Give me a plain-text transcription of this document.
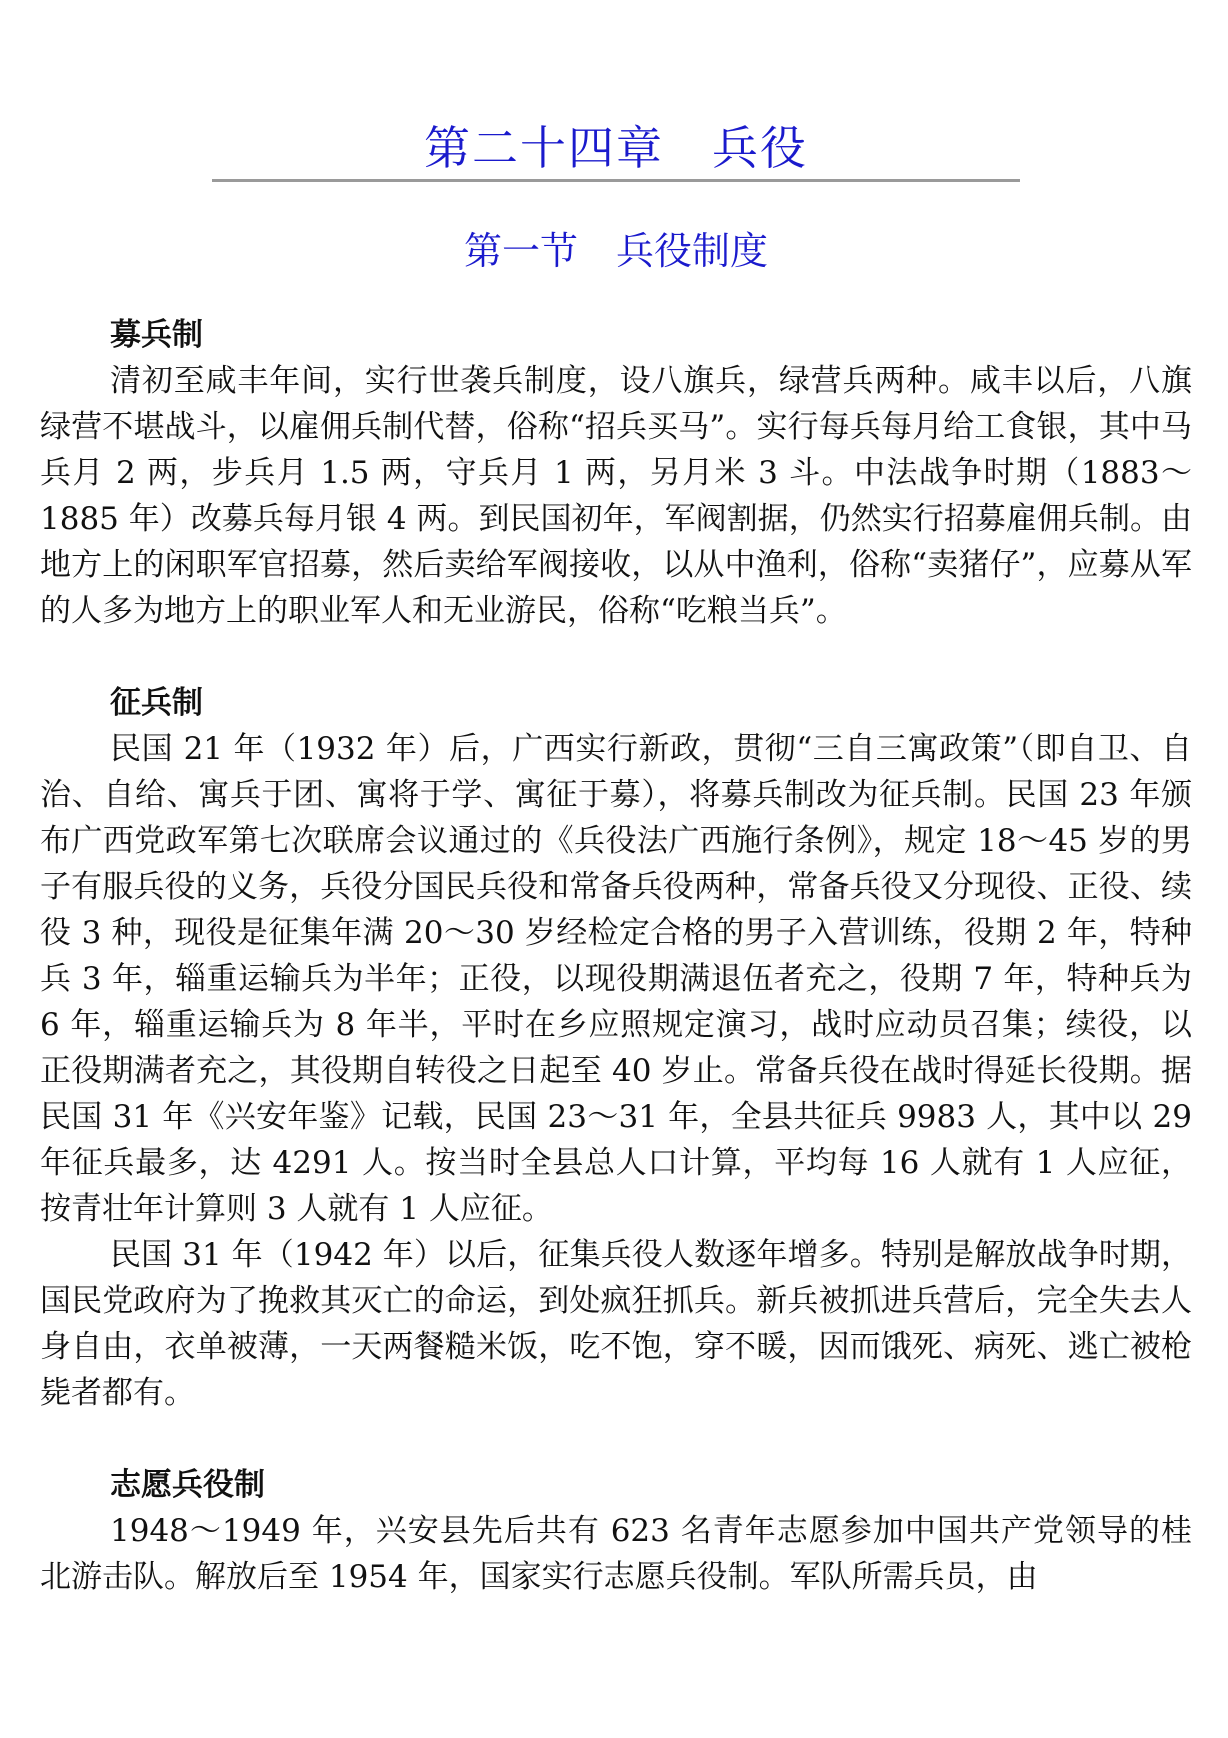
第二十四章　兵役
第一节　兵役制度
募兵制

清初至咸丰年间，实行世袭兵制度，设八旗兵，绿营兵两种。咸丰以后，八旗绿营不堪战斗，以雇佣兵制代替，俗称“招兵买马”。实行每兵每月给工食银，其中马兵月 2 两，步兵月 1.5 两，守兵月 1 两，另月米 3 斗。中法战争时期（1883～1885 年）改募兵每月银 4 两。到民国初年，军阀割据，仍然实行招募雇佣兵制。由地方上的闲职军官招募，然后卖给军阀接收，以从中渔利，俗称“卖猪仔”，应募从军的人多为地方上的职业军人和无业游民，俗称“吃粮当兵”。

征兵制

民国 21 年（1932 年）后，广西实行新政，贯彻“三自三寓政策”（即自卫、自治、自给、寓兵于团、寓将于学、寓征于募），将募兵制改为征兵制。民国 23 年颁布广西党政军第七次联席会议通过的《兵役法广西施行条例》，规定 18～45 岁的男子有服兵役的义务，兵役分国民兵役和常备兵役两种，常备兵役又分现役、正役、续役 3 种，现役是征集年满 20～30 岁经检定合格的男子入营训练，役期 2 年，特种兵 3 年，辎重运输兵为半年；正役，以现役期满退伍者充之，役期 7 年，特种兵为 6 年，辎重运输兵为 8 年半，平时在乡应照规定演习，战时应动员召集；续役，以正役期满者充之，其役期自转役之日起至 40 岁止。常备兵役在战时得延长役期。据民国 31 年《兴安年鉴》记载，民国 23～31 年，全县共征兵 9983 人，其中以 29 年征兵最多，达 4291 人。按当时全县总人口计算，平均每 16 人就有 1 人应征，按青壮年计算则 3 人就有 1 人应征。

民国 31 年（1942 年）以后，征集兵役人数逐年增多。特别是解放战争时期，国民党政府为了挽救其灭亡的命运，到处疯狂抓兵。新兵被抓进兵营后，完全失去人身自由，衣单被薄，一天两餐糙米饭，吃不饱，穿不暖，因而饿死、病死、逃亡被枪毙者都有。

志愿兵役制

1948～1949 年，兴安县先后共有 623 名青年志愿参加中国共产党领导的桂北游击队。解放后至 1954 年，国家实行志愿兵役制。军队所需兵员，由
